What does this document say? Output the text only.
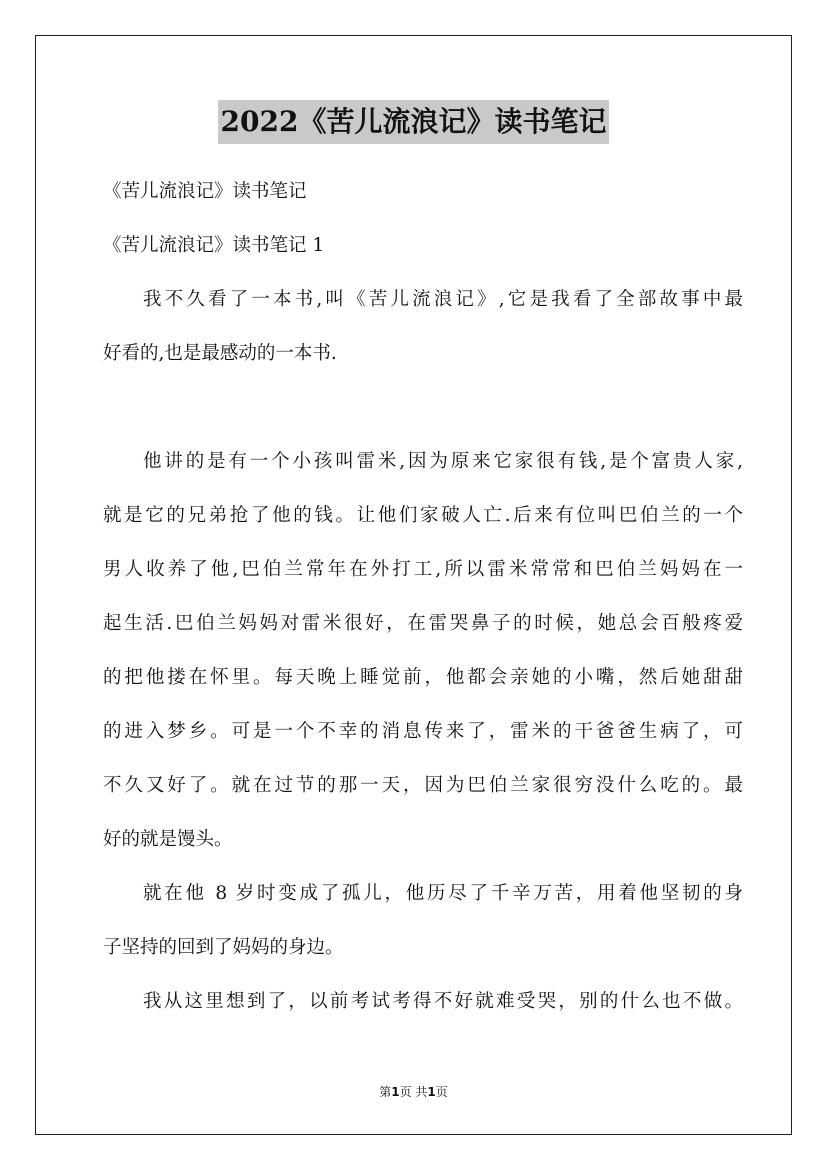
2022《苦儿流浪记》读书笔记
《苦儿流浪记》读书笔记
《苦儿流浪记》读书笔记 1
我不久看了一本书,叫《苦儿流浪记》,它是我看了全部故事中最
好看的,也是最感动的一本书.
他讲的是有一个小孩叫雷米,因为原来它家很有钱,是个富贵人家,
就是它的兄弟抢了他的钱。让他们家破人亡.后来有位叫巴伯兰的一个
男人收养了他,巴伯兰常年在外打工,所以雷米常常和巴伯兰妈妈在一
起生活.巴伯兰妈妈对雷米很好，在雷哭鼻子的时候，她总会百般疼爱
的把他搂在怀里。每天晚上睡觉前，他都会亲她的小嘴，然后她甜甜
的进入梦乡。可是一个不幸的消息传来了，雷米的干爸爸生病了，可
不久又好了。就在过节的那一天，因为巴伯兰家很穷没什么吃的。最
好的就是馒头。
就在他 8 岁时变成了孤儿，他历尽了千辛万苦，用着他坚韧的身
子坚持的回到了妈妈的身边。
我从这里想到了，以前考试考得不好就难受哭，别的什么也不做。
第1页 共1页
